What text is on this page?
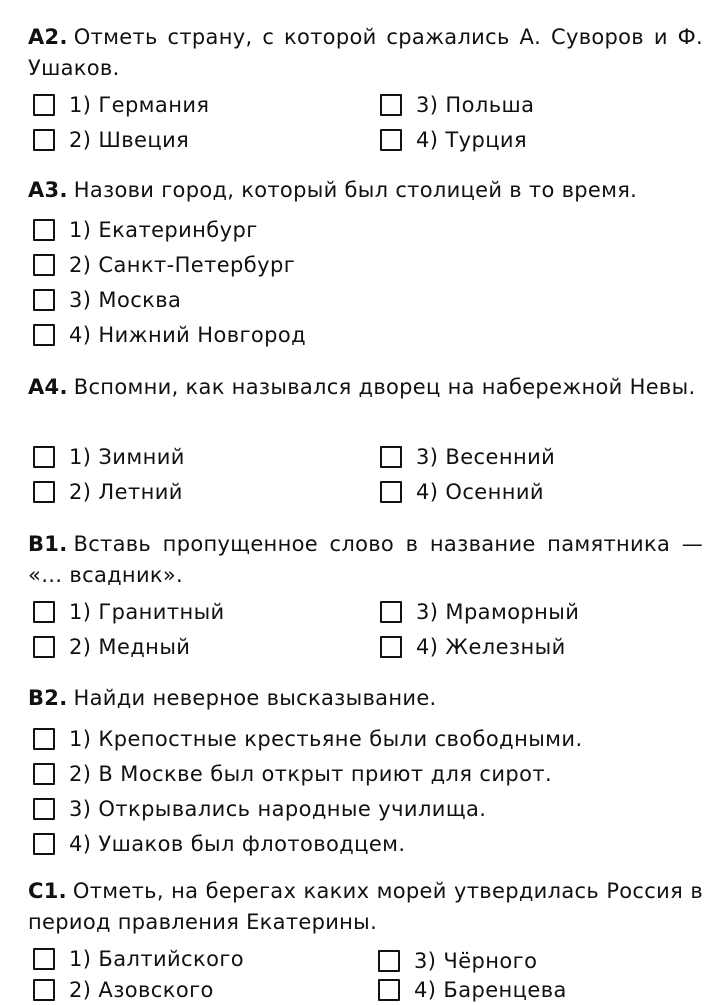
A2. Отметь страну, с которой сражались А. Суворов и Ф. Ушаков.
1) Германия
2) Швеция
3) Польша
4) Турция
A3. Назови город, который был столицей в то время.
1) Екатеринбург
2) Санкт-Петербург
3) Москва
4) Нижний Новгород
A4. Вспомни, как назывался дворец на набережной Невы.
1) Зимний
2) Летний
3) Весенний
4) Осенний
B1. Вставь пропущенное слово в название памятника — «… всадник».
1) Гранитный
2) Медный
3) Мраморный
4) Железный
B2. Найди неверное высказывание.
1) Крепостные крестьяне были свободными.
2) В Москве был открыт приют для сирот.
3) Открывались народные училища.
4) Ушаков был флотоводцем.
C1. Отметь, на берегах каких морей утвердилась Россия в период правления Екатерины.
1) Балтийского
2) Азовского
3) Чёрного
4) Баренцева
